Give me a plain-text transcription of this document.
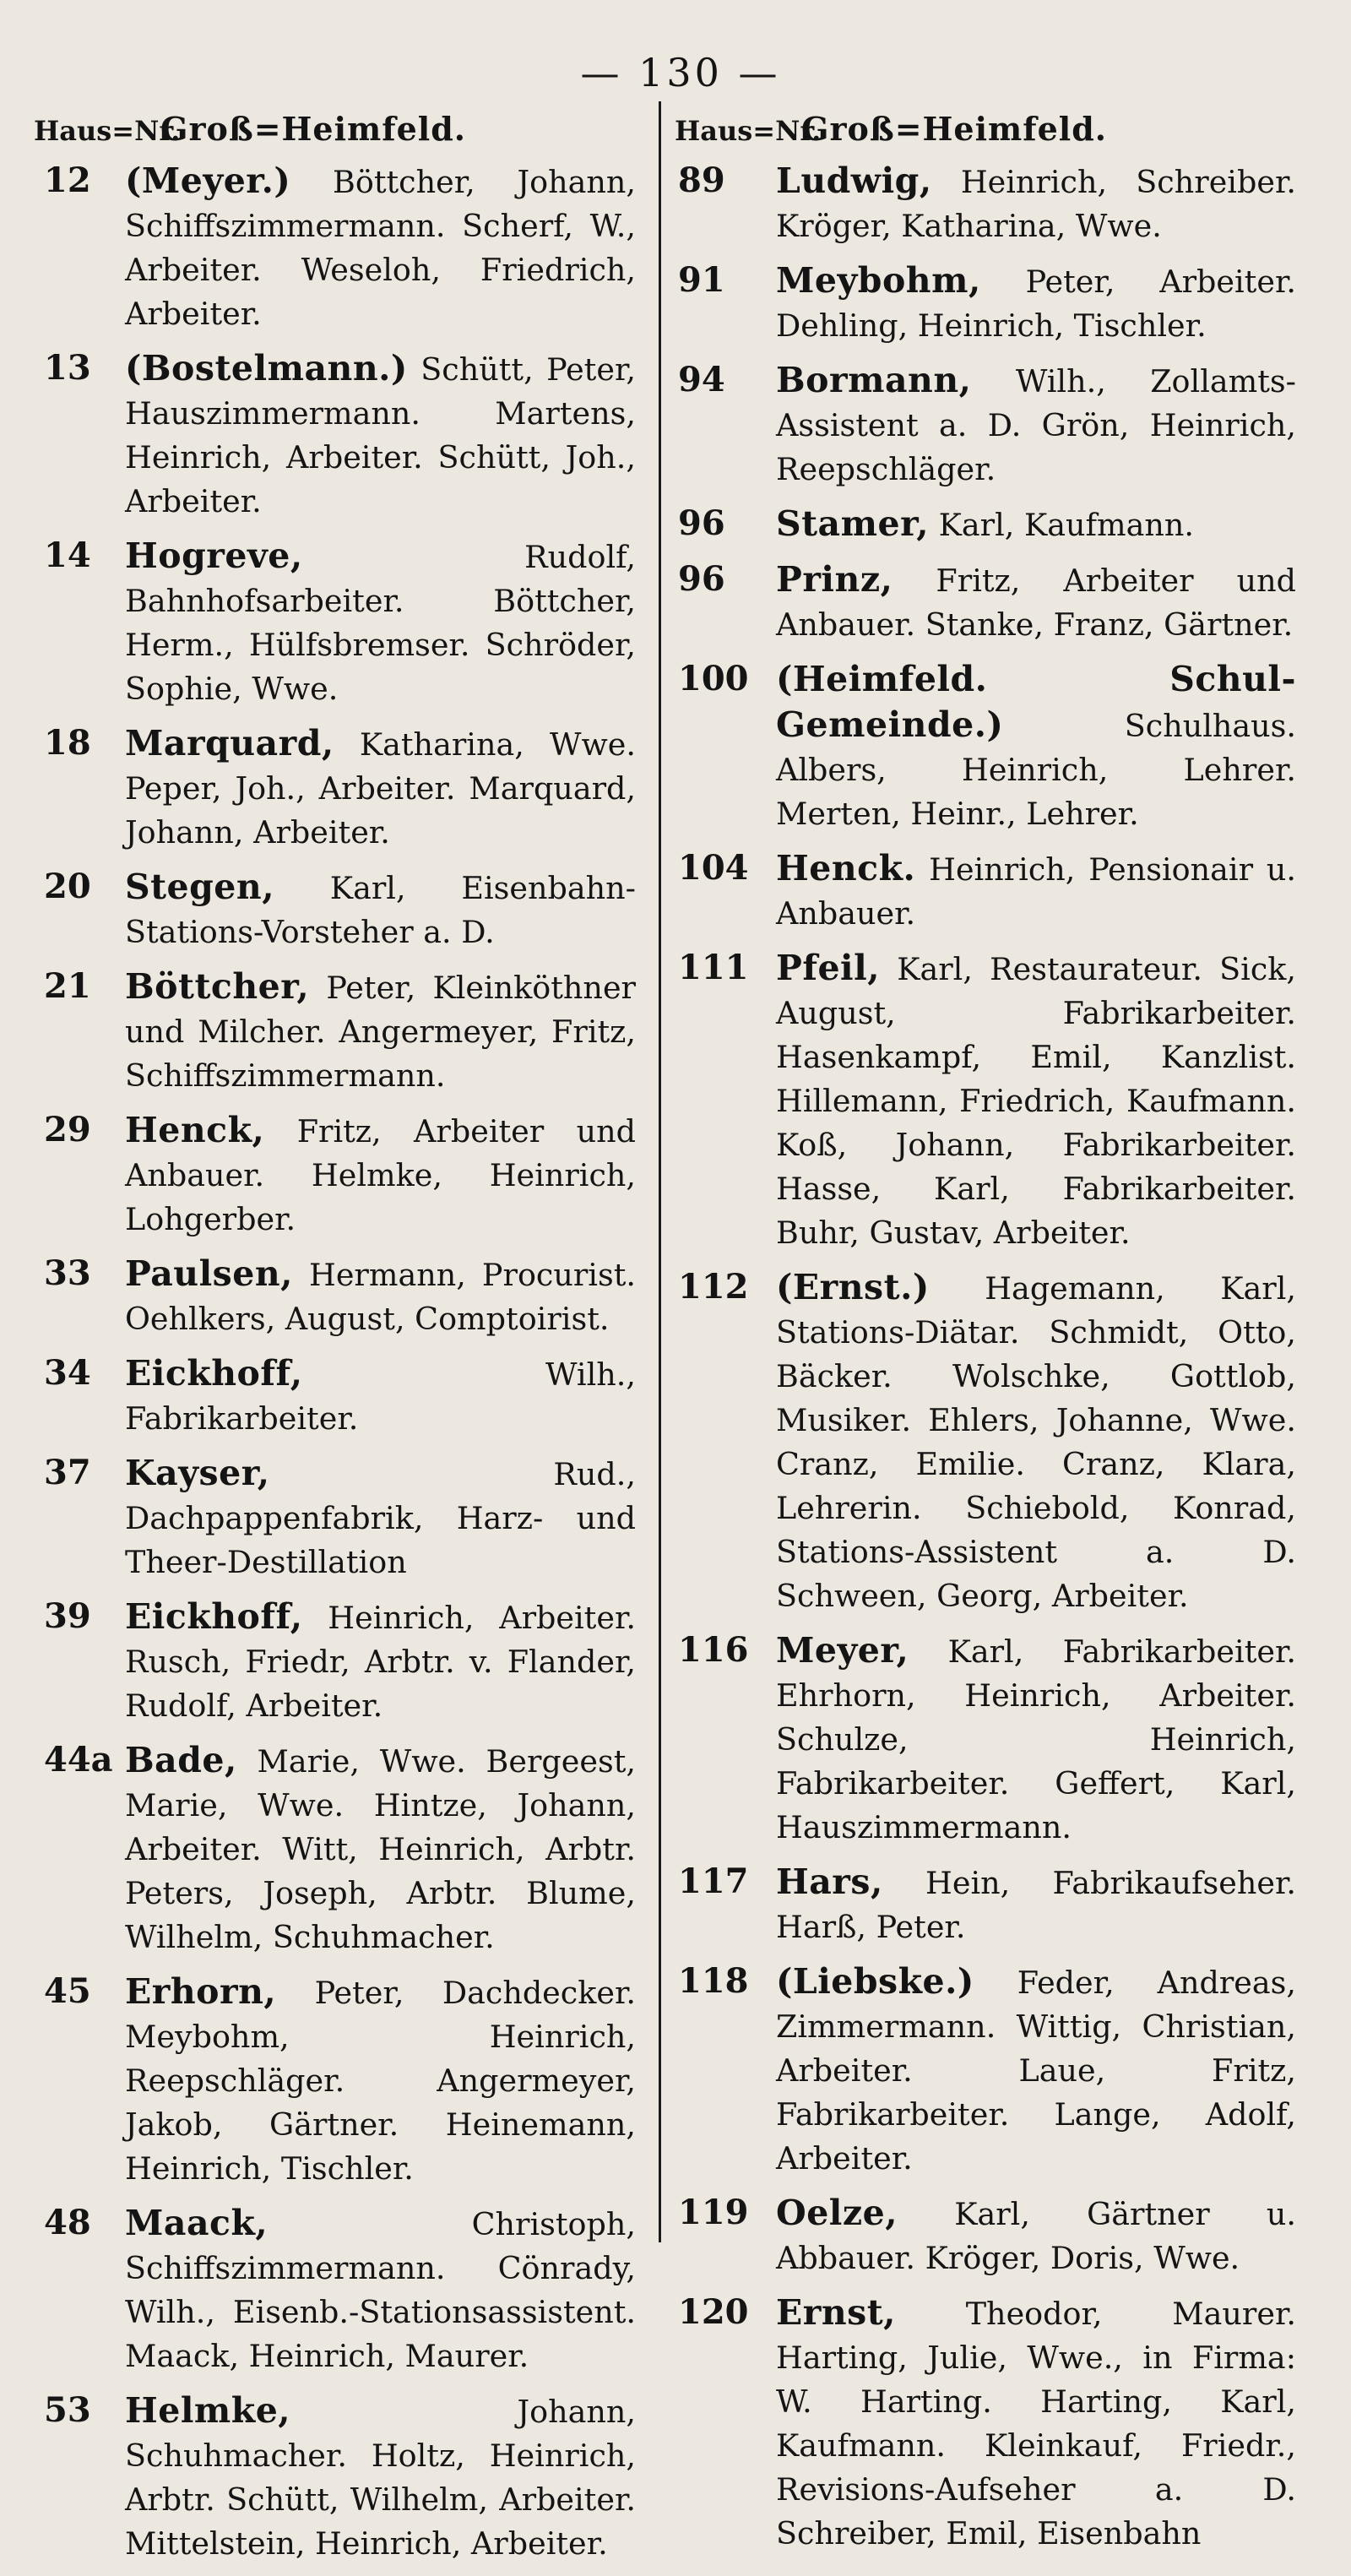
— 130 —
Haus=Nr.
Groß=Heimfeld.
12 (Meyer.) Böttcher, Johann, Schiffszimmermann. Scherf, W., Arbeiter. Weseloh, Friedrich, Arbeiter.
13 (Bostelmann.) Schütt, Peter, Hauszimmermann. Martens, Heinrich, Arbeiter. Schütt, Joh., Arbeiter.
14 Hogreve, Rudolf, Bahnhofsarbeiter. Böttcher, Herm., Hülfsbremser. Schröder, Sophie, Wwe.
18 Marquard, Katharina, Wwe. Peper, Joh., Arbeiter. Marquard, Johann, Arbeiter.
20 Stegen, Karl, Eisenbahn-Stations-Vorsteher a. D.
21 Böttcher, Peter, Kleinköthner und Milcher. Angermeyer, Fritz, Schiffszimmermann.
29 Henck, Fritz, Arbeiter und Anbauer. Helmke, Heinrich, Lohgerber.
33 Paulsen, Hermann, Procurist. Oehlkers, August, Comptoirist.
34 Eickhoff, Wilh., Fabrikarbeiter.
37 Kayser, Rud., Dachpappenfabrik, Harz- und Theer-Destillation
39 Eickhoff, Heinrich, Arbeiter. Rusch, Friedr, Arbtr. v. Flander, Rudolf, Arbeiter.
44a Bade, Marie, Wwe. Bergeest, Marie, Wwe. Hintze, Johann, Arbeiter. Witt, Heinrich, Arbtr. Peters, Joseph, Arbtr. Blume, Wilhelm, Schuhmacher.
45 Erhorn, Peter, Dachdecker. Meybohm, Heinrich, Reepschläger. Angermeyer, Jakob, Gärtner. Heinemann, Heinrich, Tischler.
48 Maack, Christoph, Schiffszimmermann. Cönrady, Wilh., Eisenb.-Stationsassistent. Maack, Heinrich, Maurer.
53 Helmke, Johann, Schuhmacher. Holtz, Heinrich, Arbtr. Schütt, Wilhelm, Arbeiter. Mittelstein, Heinrich, Arbeiter.
Haus=Nr.
Groß=Heimfeld.
89	Ludwig, Heinrich, Schreiber. Kröger, Katharina, Wwe.
91	Meybohm, Peter, Arbeiter. Dehling, Heinrich, Tischler.
94	Bormann, Wilh., Zollamts-Assistent a. D. Grön, Heinrich, Reepschläger.
96	Stamer, Karl, Kaufmann.
96	Prinz, Fritz, Arbeiter und Anbauer. Stanke, Franz, Gärtner.
100 (Heimfeld. Schul-Gemeinde.) Schulhaus. Albers, Heinrich, Lehrer. Merten, Heinr., Lehrer.
104 Henck. Heinrich, Pensionair u. Anbauer.
111 Pfeil, Karl, Restaurateur. Sick, August, Fabrikarbeiter. Hasenkampf, Emil, Kanzlist. Hillemann, Friedrich, Kaufmann. Koß, Johann, Fabrikarbeiter. Hasse, Karl, Fabrikarbeiter. Buhr, Gustav, Arbeiter.
112 (Ernst.) Hagemann, Karl, Stations-Diätar. Schmidt, Otto, Bäcker. Wolschke, Gottlob, Musiker. Ehlers, Johanne, Wwe. Cranz, Emilie. Cranz, Klara, Lehrerin. Schiebold, Konrad, Stations-Assistent a. D. Schween, Georg, Arbeiter.
116 Meyer, Karl, Fabrikarbeiter. Ehrhorn, Heinrich, Arbeiter. Schulze, Heinrich, Fabrikarbeiter. Geffert, Karl, Hauszimmermann.
117 Hars, Hein, Fabrikaufseher. Harß, Peter.
118 (Liebske.) Feder, Andreas, Zimmermann. Wittig, Christian, Arbeiter. Laue, Fritz, Fabrikarbeiter. Lange, Adolf, Arbeiter.
119 Oelze, Karl, Gärtner u. Abbauer. Kröger, Doris, Wwe.
120 Ernst, Theodor, Maurer. Harting, Julie, Wwe., in Firma: W. Harting. Harting, Karl, Kaufmann. Kleinkauf, Friedr., Revisions-Aufseher a. D. Schreiber, Emil, Eisenbahn
